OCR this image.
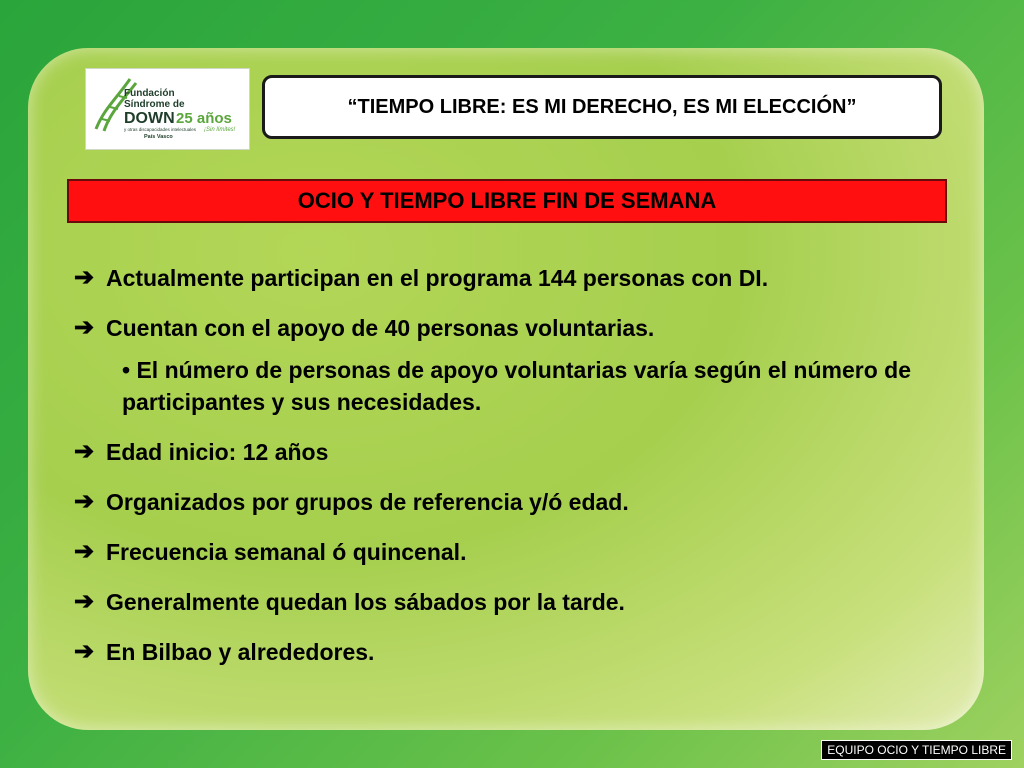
Fundación
Síndrome de
DOWN 25 años
y otras discapacidades intelectuales
País Vasco
¡Sin límites!
“TIEMPO LIBRE: ES MI DERECHO, ES MI ELECCIÓN”
OCIO Y TIEMPO LIBRE FIN DE SEMANA
➔ Actualmente participan en el programa 144 personas con DI.
➔ Cuentan con el apoyo de 40 personas voluntarias.
• El número de personas de apoyo voluntarias varía según el número de participantes y sus necesidades.
➔ Edad inicio: 12 años
➔ Organizados por grupos de referencia y/ó edad.
➔ Frecuencia semanal ó quincenal.
➔ Generalmente quedan los sábados por la tarde.
➔ En Bilbao y alrededores.
EQUIPO OCIO Y TIEMPO LIBRE
